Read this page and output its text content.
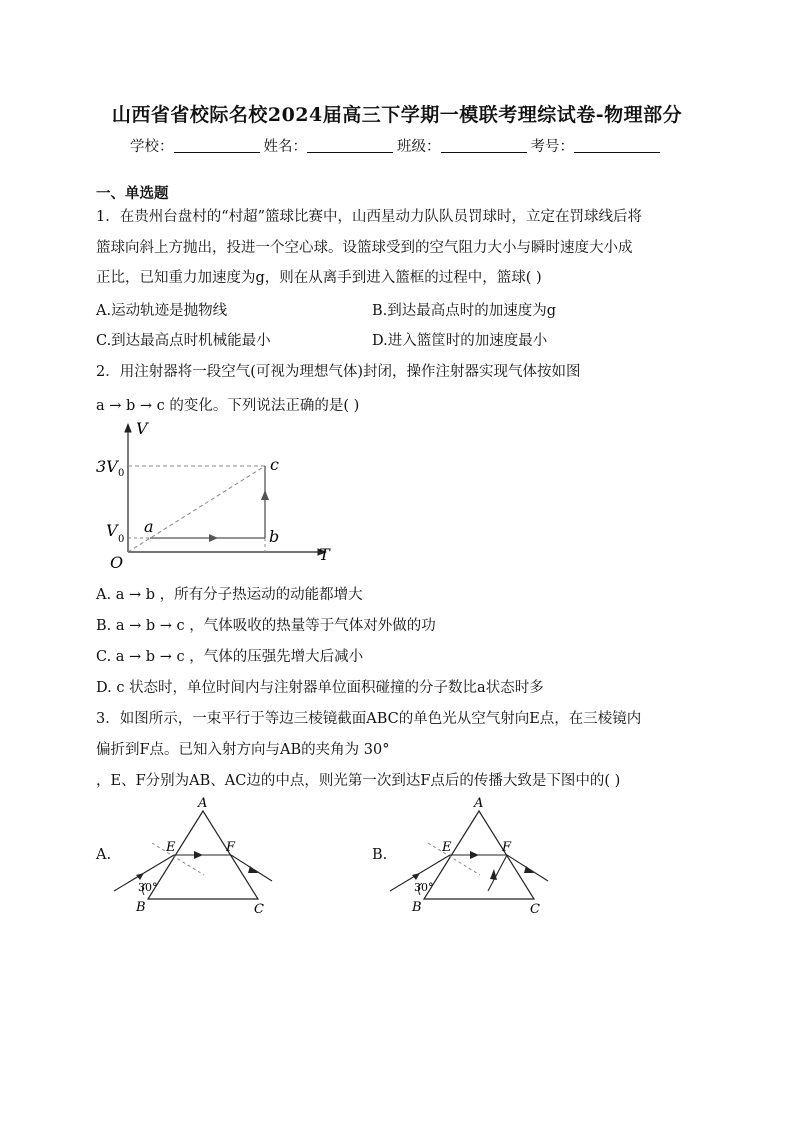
山西省省校际名校2024届高三下学期一模联考理综试卷-物理部分
学校：	姓名：	班级：	考号：
一、单选题
1．在贵州台盘村的“村超”篮球比赛中，山西星动力队队员罚球时，立定在罚球线后将
篮球向斜上方抛出，投进一个空心球。设篮球受到的空气阻力大小与瞬时速度大小成
正比，已知重力加速度为g，则在从离手到进入篮框的过程中，篮球( )
A.运动轨迹是抛物线	B.到达最高点时的加速度为g
C.到达最高点时机械能最小	D.进入篮筐时的加速度最小
2．用注射器将一段空气(可视为理想气体)封闭，操作注射器实现气体按如图
a → b → c 的变化。下列说法正确的是( )
V
T
O
3V 0
V 0
a
b
c
A. a → b ，所有分子热运动的动能都增大
B. a → b → c ，气体吸收的热量等于气体对外做的功
C. a → b → c ，气体的压强先增大后减小
D. c 状态时，单位时间内与注射器单位面积碰撞的分子数比a状态时多
3．如图所示，一束平行于等边三棱镜截面ABC的单色光从空气射向E点，在三棱镜内
偏折到F点。已知入射方向与AB的夹角为 30°
，E、F分别为AB、AC边的中点，则光第一次到达F点后的传播大致是下图中的( )
A.
A
B	C
E	F
30°
B.
A
B	C
E	F
30°
